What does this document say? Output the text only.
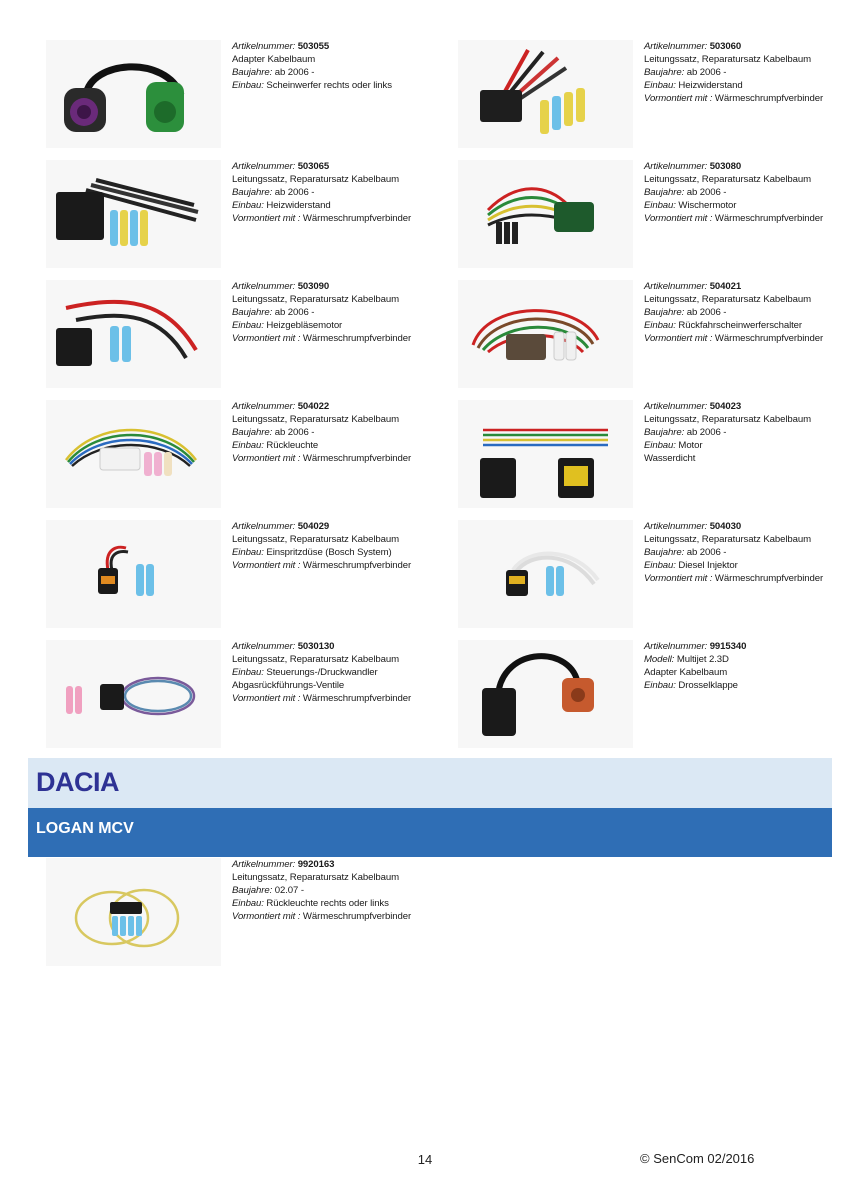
Artikelnummer: 503055
Adapter Kabelbaum
Baujahre: ab 2006 -
Einbau: Scheinwerfer rechts oder links
Artikelnummer: 503060
Leitungssatz, Reparatursatz Kabelbaum
Baujahre: ab 2006 -
Einbau: Heizwiderstand
Vormontiert mit : Wärmeschrumpfverbinder
Artikelnummer: 503065
Leitungssatz, Reparatursatz Kabelbaum
Baujahre: ab 2006 -
Einbau: Heizwiderstand
Vormontiert mit : Wärmeschrumpfverbinder
Artikelnummer: 503080
Leitungssatz, Reparatursatz Kabelbaum
Baujahre: ab 2006 -
Einbau: Wischermotor
Vormontiert mit : Wärmeschrumpfverbinder
Artikelnummer: 503090
Leitungssatz, Reparatursatz Kabelbaum
Baujahre: ab 2006 -
Einbau: Heizgebläsemotor
Vormontiert mit : Wärmeschrumpfverbinder
Artikelnummer: 504021
Leitungssatz, Reparatursatz Kabelbaum
Baujahre: ab 2006 -
Einbau: Rückfahrscheinwerferschalter
Vormontiert mit : Wärmeschrumpfverbinder
Artikelnummer: 504022
Leitungssatz, Reparatursatz Kabelbaum
Baujahre: ab 2006 -
Einbau: Rückleuchte
Vormontiert mit : Wärmeschrumpfverbinder
Artikelnummer: 504023
Leitungssatz, Reparatursatz Kabelbaum
Baujahre: ab 2006 -
Einbau: Motor
Wasserdicht
Artikelnummer: 504029
Leitungssatz, Reparatursatz Kabelbaum
Einbau: Einspritzdüse (Bosch System)
Vormontiert mit : Wärmeschrumpfverbinder
Artikelnummer: 504030
Leitungssatz, Reparatursatz Kabelbaum
Baujahre: ab 2006 -
Einbau: Diesel Injektor
Vormontiert mit : Wärmeschrumpfverbinder
Artikelnummer: 5030130
Leitungssatz, Reparatursatz Kabelbaum
Einbau: Steuerungs-/Druckwandler
Abgasrückführungs-Ventile
Vormontiert mit : Wärmeschrumpfverbinder
Artikelnummer: 9915340
Modell: Multijet 2.3D
Adapter Kabelbaum
Einbau: Drosselklappe
DACIA
LOGAN MCV
Artikelnummer: 9920163
Leitungssatz, Reparatursatz Kabelbaum
Baujahre: 02.07 -
Einbau: Rückleuchte rechts oder links
Vormontiert mit : Wärmeschrumpfverbinder
14	© SenCom 02/2016
